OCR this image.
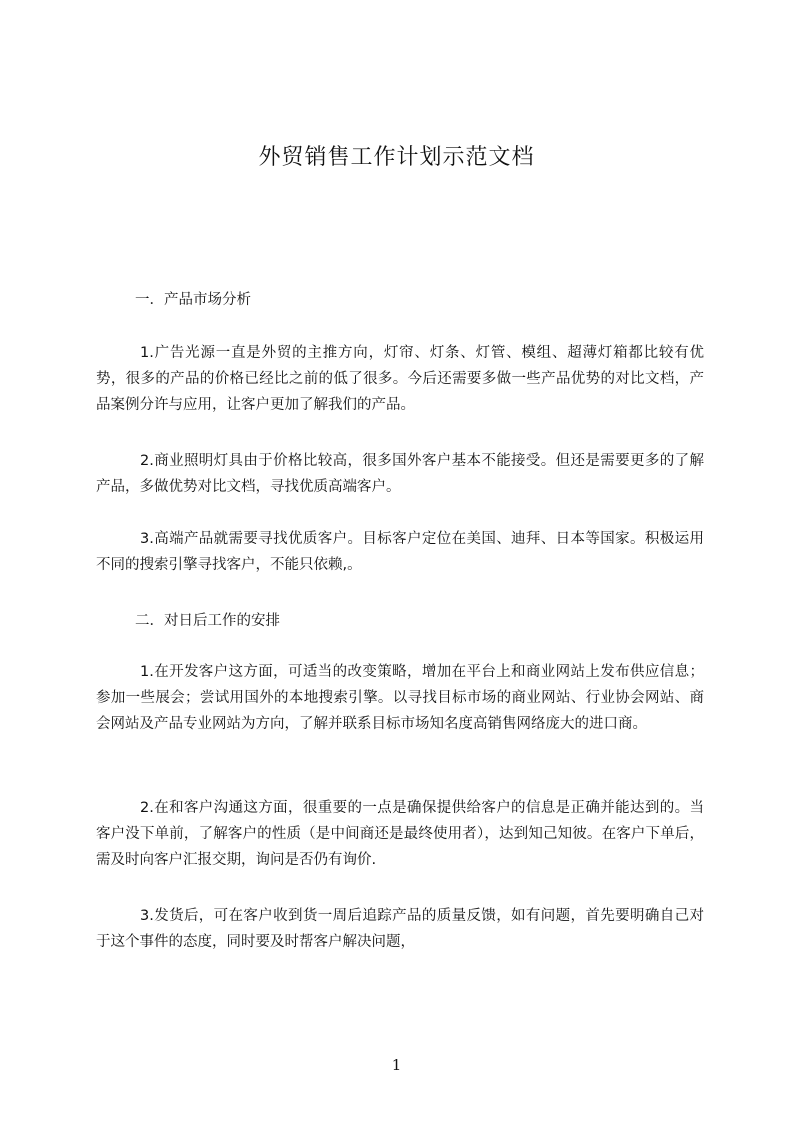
外贸销售工作计划示范文档
一．产品市场分析
1.广告光源一直是外贸的主推方向，灯帘、灯条、灯管、模组、超薄灯箱都比较有优势，很多的产品的价格已经比之前的低了很多。今后还需要多做一些产品优势的对比文档，产品案例分许与应用，让客户更加了解我们的产品。
2.商业照明灯具由于价格比较高，很多国外客户基本不能接受。但还是需要更多的了解产品，多做优势对比文档，寻找优质高端客户。
3.高端产品就需要寻找优质客户。目标客户定位在美国、迪拜、日本等国家。积极运用不同的搜索引擎寻找客户，不能只依赖,。
二．对日后工作的安排
1.在开发客户这方面，可适当的改变策略，增加在平台上和商业网站上发布供应信息；参加一些展会；尝试用国外的本地搜索引擎。以寻找目标市场的商业网站、行业协会网站、商会网站及产品专业网站为方向，了解并联系目标市场知名度高销售网络庞大的进口商。
2.在和客户沟通这方面，很重要的一点是确保提供给客户的信息是正确并能达到的。当客户没下单前，了解客户的性质（是中间商还是最终使用者），达到知己知彼。在客户下单后，需及时向客户汇报交期，询问是否仍有询价.
3.发货后，可在客户收到货一周后追踪产品的质量反馈，如有问题，首先要明确自己对于这个事件的态度，同时要及时帮客户解决问题，
1
